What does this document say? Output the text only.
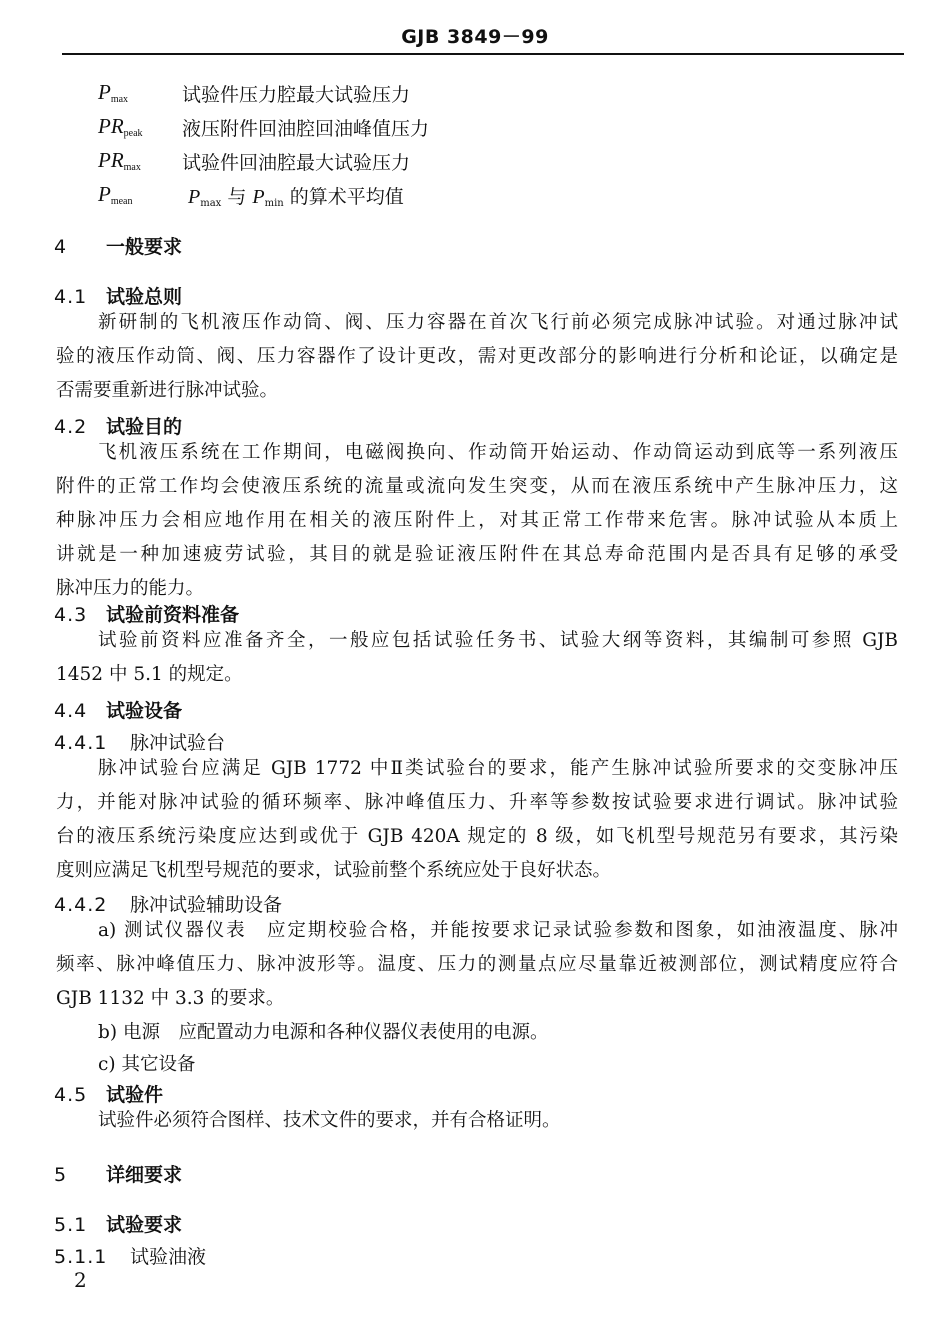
GJB 3849－99
$P_{max}$	试验件压力腔最大试验压力
$PR_{peak}$ 液压附件回油腔回油峰值压力
$PR_{max}$ 试验件回油腔最大试验压力
$P_{mean}$	$P_{max}$ 与 $P_{min}$ 的算术平均值
4 一般要求
4.1 试验总则
新研制的飞机液压作动筒、阀、压力容器在首次飞行前必须完成脉冲试验。对通过脉冲试
验的液压作动筒、阀、压力容器作了设计更改，需对更改部分的影响进行分析和论证，以确定是
否需要重新进行脉冲试验。
4.2 试验目的
飞机液压系统在工作期间，电磁阀换向、作动筒开始运动、作动筒运动到底等一系列液压
附件的正常工作均会使液压系统的流量或流向发生突变，从而在液压系统中产生脉冲压力，这
种脉冲压力会相应地作用在相关的液压附件上，对其正常工作带来危害。脉冲试验从本质上
讲就是一种加速疲劳试验，其目的就是验证液压附件在其总寿命范围内是否具有足够的承受
脉冲压力的能力。
4.3 试验前资料准备
试验前资料应准备齐全，一般应包括试验任务书、试验大纲等资料，其编制可参照 GJB
1452 中 5.1 的规定。
4.4 试验设备
4.4.1 脉冲试验台
脉冲试验台应满足 GJB 1772 中Ⅱ类试验台的要求，能产生脉冲试验所要求的交变脉冲压
力，并能对脉冲试验的循环频率、脉冲峰值压力、升率等参数按试验要求进行调试。脉冲试验
台的液压系统污染度应达到或优于 GJB 420A 规定的 8 级，如飞机型号规范另有要求，其污染
度则应满足飞机型号规范的要求，试验前整个系统应处于良好状态。
4.4.2 脉冲试验辅助设备
a) 测试仪器仪表　应定期校验合格，并能按要求记录试验参数和图象，如油液温度、脉冲
频率、脉冲峰值压力、脉冲波形等。温度、压力的测量点应尽量靠近被测部位，测试精度应符合
GJB 1132 中 3.3 的要求。
b) 电源　应配置动力电源和各种仪器仪表使用的电源。
c) 其它设备
4.5 试验件
试验件必须符合图样、技术文件的要求，并有合格证明。
5 详细要求
5.1 试验要求
5.1.1 试验油液
2
